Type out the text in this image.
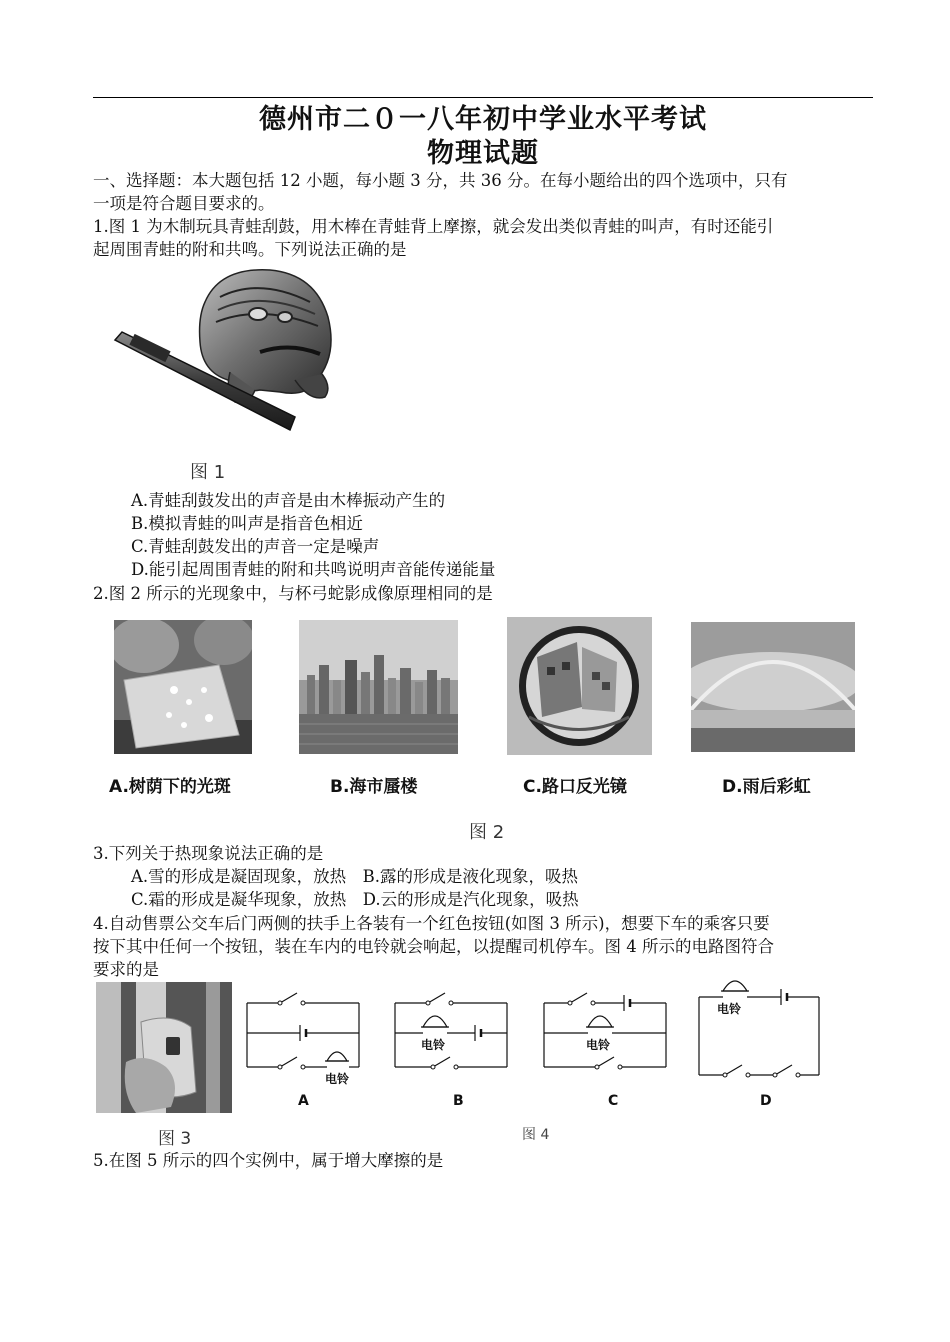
德州市二０一八年初中学业水平考试
物理试题
一、选择题：本大题包括 12 小题，每小题 3 分，共 36 分。在每小题给出的四个选项中，只有
一项是符合题目要求的。
1.图 1 为木制玩具青蛙刮鼓，用木棒在青蛙背上摩擦，就会发出类似青蛙的叫声，有时还能引
起周围青蛙的附和共鸣。下列说法正确的是
图 1
A.青蛙刮鼓发出的声音是由木棒振动产生的
B.模拟青蛙的叫声是指音色相近
C.青蛙刮鼓发出的声音一定是噪声
D.能引起周围青蛙的附和共鸣说明声音能传递能量
2.图 2 所示的光现象中，与杯弓蛇影成像原理相同的是
A.树荫下的光斑	B.海市蜃楼	C.路口反光镜	D.雨后彩虹
图 2
3.下列关于热现象说法正确的是
A.雪的形成是凝固现象，放热　B.露的形成是液化现象，吸热
C.霜的形成是凝华现象，放热　D.云的形成是汽化现象，吸热
4.自动售票公交车后门两侧的扶手上各装有一个红色按钮(如图 3 所示)，想要下车的乘客只要
按下其中任何一个按钮，装在车内的电铃就会响起，以提醒司机停车。图 4 所示的电路图符合
要求的是
图 3
电铃
电铃	电铃
电铃
A	B	C	D
图 4
5.在图 5 所示的四个实例中，属于增大摩擦的是
